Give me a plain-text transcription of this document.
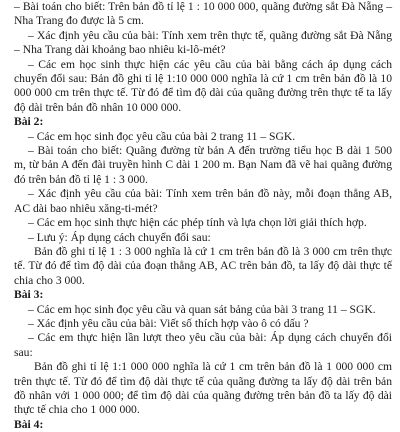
– Bài toán cho biết: Trên bản đồ tỉ lệ 1 : 10 000 000, quãng đường sắt Đà Nẵng – Nha Trang đo được là 5 cm.

– Xác định yêu cầu của bài: Tính xem trên thực tế, quãng đường sắt Đà Nẵng – Nha Trang dài khoảng bao nhiêu ki-lô-mét?

– Các em học sinh thực hiện các yêu cầu của bài bằng cách áp dụng cách chuyển đổi sau: Bản đồ ghi tỉ lệ 1:10 000 000 nghĩa là cứ 1 cm trên bản đồ là 10 000 000 cm trên thực tế. Từ đó để tìm độ dài của quãng đường trên thực tế ta lấy độ dài trên bản đồ nhân 10 000 000.

Bài 2:

– Các em học sinh đọc yêu cầu của bài 2 trang 11 – SGK.

– Bài toán cho biết: Quãng đường từ bản A đến trường tiểu học B dài 1 500 m, từ bản A đến đài truyền hình C dài 1 200 m. Bạn Nam đã vẽ hai quãng đường đó trên bản đồ tỉ lệ 1 : 3 000.

– Xác định yêu cầu của bài: Tính xem trên bản đồ này, mỗi đoạn thẳng AB, AC dài bao nhiêu xăng-ti-mét?

– Các em học sinh thực hiện các phép tính và lựa chọn lời giải thích hợp.

– Lưu ý: Áp dụng cách chuyển đổi sau:

Bản đồ ghi tỉ lệ 1 : 3 000 nghĩa là cứ 1 cm trên bản đồ là 3 000 cm trên thực tế. Từ đó để tìm độ dài của đoạn thẳng AB, AC trên bản đồ, ta lấy độ dài thực tế chia cho 3 000.

Bài 3:

– Các em học sinh đọc yêu cầu và quan sát bảng của bài 3 trang 11 – SGK.

– Xác định yêu cầu của bài: Viết số thích hợp vào ô có dấu ?

– Các em thực hiện lần lượt theo yêu cầu của bài: Áp dụng cách chuyển đổi sau:

Bản đồ ghi tỉ lệ 1:1 000 000 nghĩa là cứ 1 cm trên bản đồ là 1 000 000 cm trên thực tế. Từ đó để tìm độ dài thực tế của quãng đường ta lấy độ dài trên bản đồ nhân với 1 000 000; để tìm độ dài của quãng đường trên bản đồ ta lấy độ dài thực tế chia cho 1 000 000.

Bài 4:
